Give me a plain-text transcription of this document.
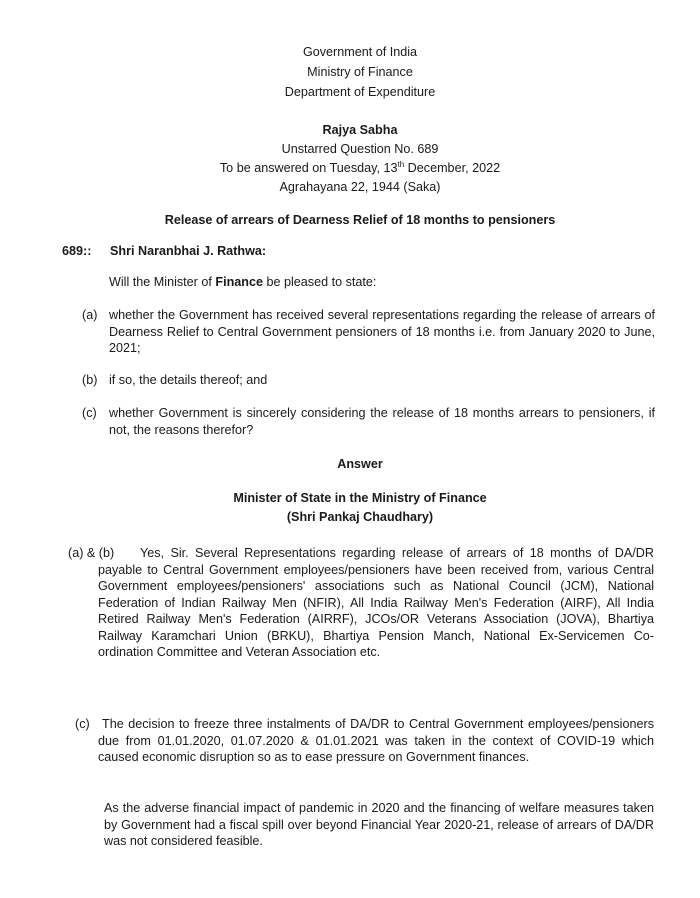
Government of India
Ministry of Finance
Department of Expenditure
Rajya Sabha
Unstarred Question No. 689
To be answered on Tuesday, 13th December, 2022
Agrahayana 22, 1944 (Saka)
Release of arrears of Dearness Relief of 18 months to pensioners
689:: Shri Naranbhai J. Rathwa:
Will the Minister of Finance be pleased to state:
(a) whether the Government has received several representations regarding the release of arrears of Dearness Relief to Central Government pensioners of 18 months i.e. from January 2020 to June, 2021;
(b) if so, the details thereof; and
(c) whether Government is sincerely considering the release of 18 months arrears to pensioners, if not, the reasons therefor?
Answer
Minister of State in the Ministry of Finance
(Shri Pankaj Chaudhary)
(a) & (b)	Yes, Sir. Several Representations regarding release of arrears of 18 months of DA/DR payable to Central Government employees/pensioners have been received from, various Central Government employees/pensioners' associations such as National Council (JCM), National Federation of Indian Railway Men (NFIR), All India Railway Men's Federation (AIRF), All India Retired Railway Men's Federation (AIRRF), JCOs/OR Veterans Association (JOVA), Bhartiya Railway Karamchari Union (BRKU), Bhartiya Pension Manch, National Ex-Servicemen Co-ordination Committee and Veteran Association etc.
(c) The decision to freeze three instalments of DA/DR to Central Government employees/pensioners due from 01.01.2020, 01.07.2020 & 01.01.2021 was taken in the context of COVID-19 which caused economic disruption so as to ease pressure on Government finances.
As the adverse financial impact of pandemic in 2020 and the financing of welfare measures taken by Government had a fiscal spill over beyond Financial Year 2020-21, release of arrears of DA/DR was not considered feasible.
